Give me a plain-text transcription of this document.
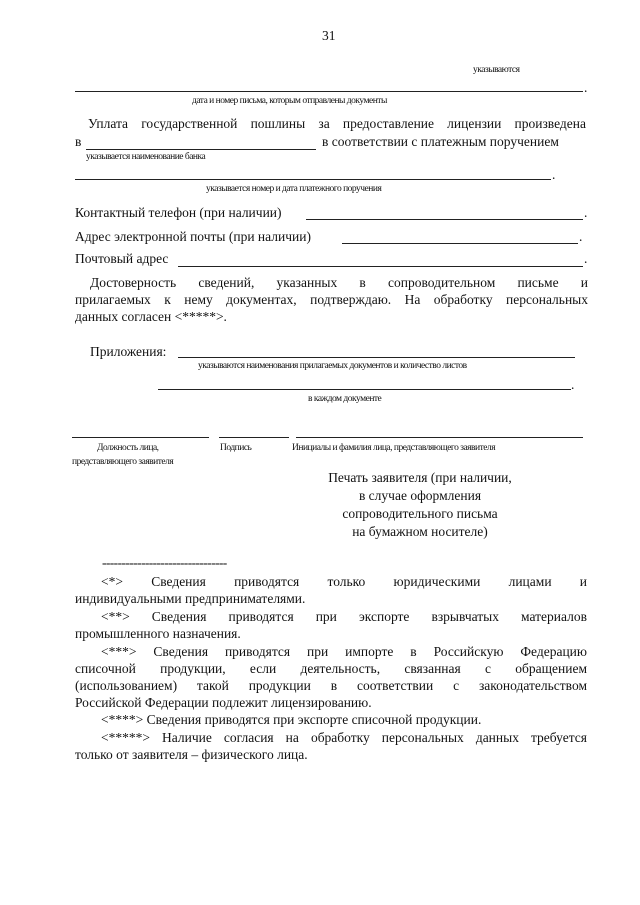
31
указываются
.
дата и номер письма, которым отправлены документы
Уплата государственной пошлины за предоставление лицензии произведена
в	в соответствии с платежным поручением
указывается наименование банка
.
указывается номер и дата платежного поручения
Контактный телефон (при наличии)	.
Адрес электронной почты (при наличии)	.
Почтовый адрес	.
Достоверность сведений, указанных в сопроводительном письме и
прилагаемых к нему документах, подтверждаю. На обработку персональных
данных согласен <*****>.
Приложения:
указываются наименования прилагаемых документов и количество листов
.
в каждом документе
Должность лица,
представляющего заявителя
Подпись	Инициалы и фамилия лица, представляющего заявителя
Печать заявителя (при наличии,
в случае оформления
сопроводительного письма
на бумажном носителе)
--------------------------------
<*> Сведения приводятся только юридическими лицами и
индивидуальными предпринимателями.
<**> Сведения приводятся при экспорте взрывчатых материалов
промышленного назначения.
<***> Сведения приводятся при импорте в Российскую Федерацию
списочной продукции, если деятельность, связанная с обращением
(использованием) такой продукции в соответствии с законодательством
Российской Федерации подлежит лицензированию.
<****> Сведения приводятся при экспорте списочной продукции.
<*****> Наличие согласия на обработку персональных данных требуется
только от заявителя – физического лица.
